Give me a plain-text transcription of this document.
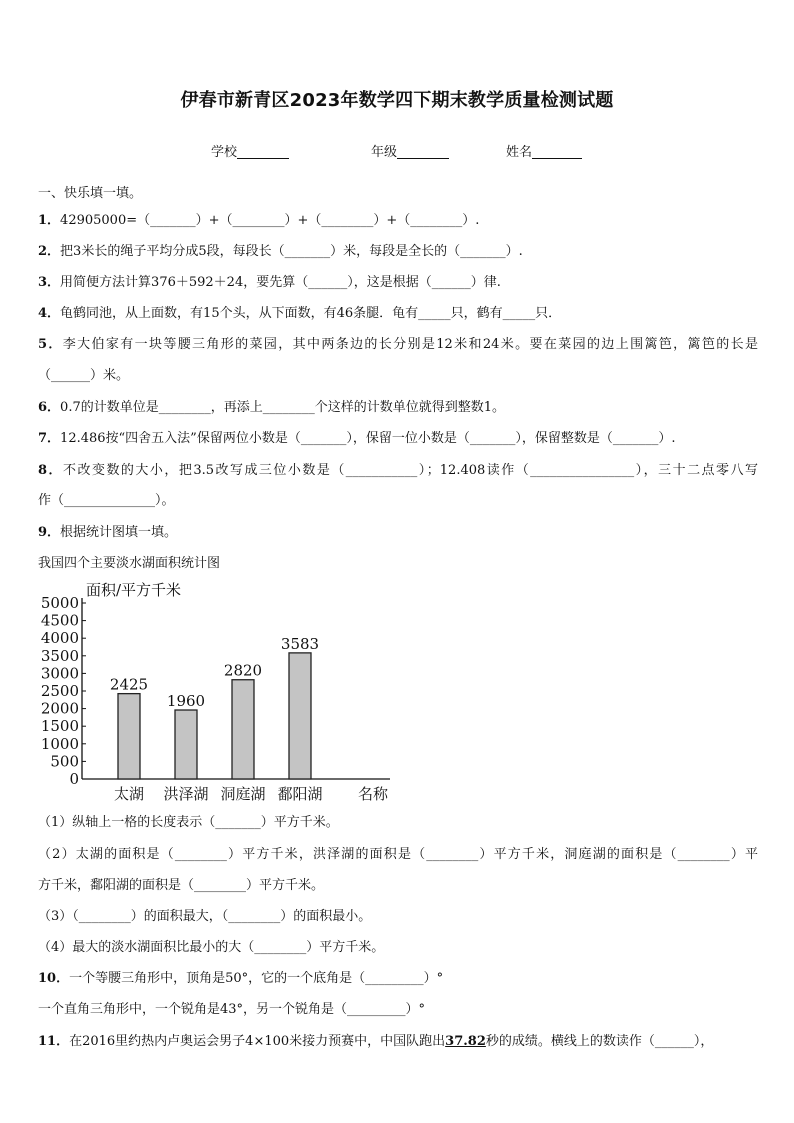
伊春市新青区2023年数学四下期末教学质量检测试题
学校	年级	姓名
一、快乐填一填。
1．42905000=（_______）+（________）+（________）+（________）.
2．把3米长的绳子平均分成5段，每段长（_______）米，每段是全长的（_______）.
3．用简便方法计算376＋592＋24，要先算（______），这是根据（______）律.
4．龟鹤同池，从上面数，有15个头，从下面数，有46条腿．龟有_____只，鹤有_____只．
5．李大伯家有一块等腰三角形的菜园，其中两条边的长分别是12米和24米。要在菜园的边上围篱笆，篱笆的长是
（______）米。
6．0.7的计数单位是________，再添上________个这样的计数单位就得到整数1。
7．12.486按“四舍五入法”保留两位小数是（_______），保留一位小数是（_______），保留整数是（_______）.
8．不改变数的大小，把3.5改写成三位小数是（___________）；12.408读作（________________），三十二点零八写
作（______________）。
9．根据统计图填一填。
我国四个主要淡水湖面积统计图
0
500
1000
1500
2000
2500
3000
3500
4000
4500
5000
面积/平方千米
2425
太湖
1960
洪泽湖
2820
洞庭湖
3583
鄱阳湖 名称
（1）纵轴上一格的长度表示（_______）平方千米。
（2）太湖的面积是（________）平方千米，洪泽湖的面积是（________）平方千米，洞庭湖的面积是（________）平
方千米，鄱阳湖的面积是（________）平方千米。
（3）（________）的面积最大，（________）的面积最小。
（4）最大的淡水湖面积比最小的大（________）平方千米。
10．一个等腰三角形中，顶角是50°，它的一个底角是（_________）°
一个直角三角形中，一个锐角是43°，另一个锐角是（_________）°
11．在2016里约热内卢奥运会男子4×100米接力预赛中，中国队跑出37.82秒的成绩。横线上的数读作（______），
